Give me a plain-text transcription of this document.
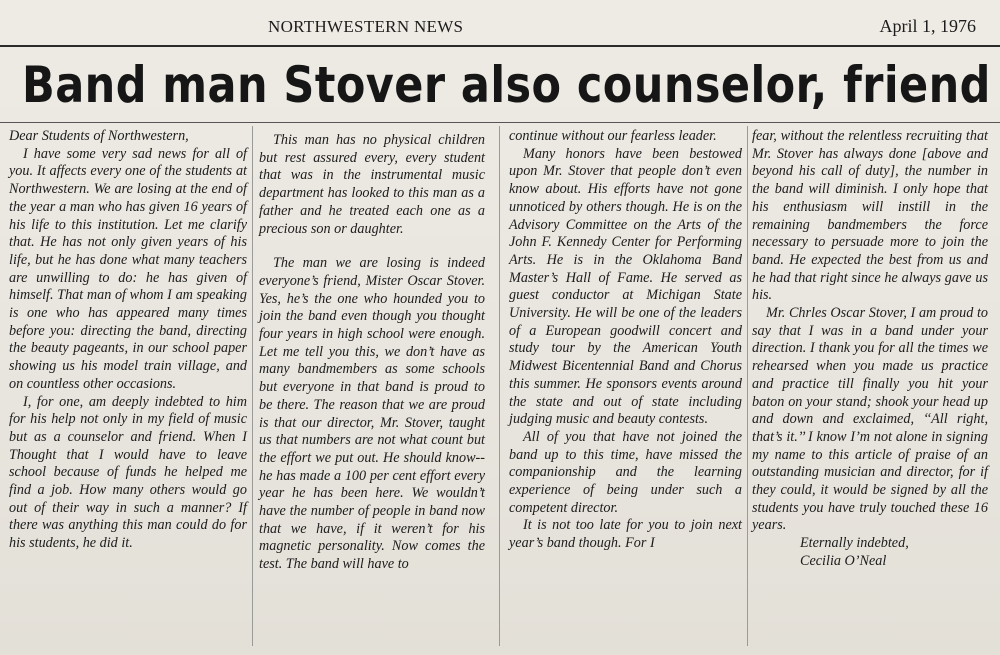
NORTHWESTERN NEWS	April 1, 1976
Band man Stover also counselor, friend

Dear Students of Northwestern,

I have some very sad news for all of you. It affects every one of the students at Northwestern. We are losing at the end of the year a man who has given 16 years of his life to this institution. Let me clarify that. He has not only given years of his life, but he has done what many teachers are unwilling to do: he has given of himself. That man of whom I am speaking is one who has appeared many times before you: directing the band, directing the beauty pageants, in our school paper showing us his model train village, and on countless other occasions.

I, for one, am deeply indebted to him for his help not only in my field of music but as a counselor and friend. When I Thought that I would have to leave school because of funds he helped me find a job. How many others would go out of their way in such a manner? If there was anything this man could do for his students, he did it.

This man has no physical children but rest assured every, every student that was in the instrumental music department has looked to this man as a father and he treated each one as a precious son or daughter.

The man we are losing is indeed everyone’s friend, Mister Oscar Stover. Yes, he’s the one who hounded you to join the band even though you thought four years in high school were enough. Let me tell you this, we don’t have as many bandmembers as some schools but everyone in that band is proud to be there. The reason that we are proud is that our director, Mr. Stover, taught us that numbers are not what count but the effort we put out. He should know--he has made a 100 per cent effort every year he has been here. We wouldn’t have the number of people in band now that we have, if it weren’t for his magnetic personality. Now comes the test. The band will have to

continue without our fearless leader.

Many honors have been bestowed upon Mr. Stover that people don’t even know about. His efforts have not gone unnoticed by others though. He is on the Advisory Committee on the Arts of the John F. Kennedy Center for Performing Arts. He is in the Oklahoma Band Master’s Hall of Fame. He served as guest conductor at Michigan State University. He will be one of the leaders of a European goodwill concert and study tour by the American Youth Midwest Bicentennial Band and Chorus this summer. He sponsors events around the state and out of state including judging music and beauty contests.

All of you that have not joined the band up to this time, have missed the companionship and the learning experience of being under such a competent director.

It is not too late for you to join next year’s band though. For I

fear, without the relentless recruiting that Mr. Stover has always done [above and beyond his call of duty], the number in the band will diminish. I only hope that his enthusiasm will instill in the remaining bandmembers the force necessary to persuade more to join the band. He expected the best from us and he had that right since he always gave us his.

Mr. Chrles Oscar Stover, I am proud to say that I was in a band under your direction. I thank you for all the times we rehearsed when you made us practice and practice till finally you hit your baton on your stand; shook your head up and down and exclaimed, ‘‘All right, that’s it.’’ I know I’m not alone in signing my name to this article of praise of an outstanding musician and director, for if they could, it would be signed by all the students you have truly touched these 16 years.

Eternally indebted,

Cecilia O’Neal
